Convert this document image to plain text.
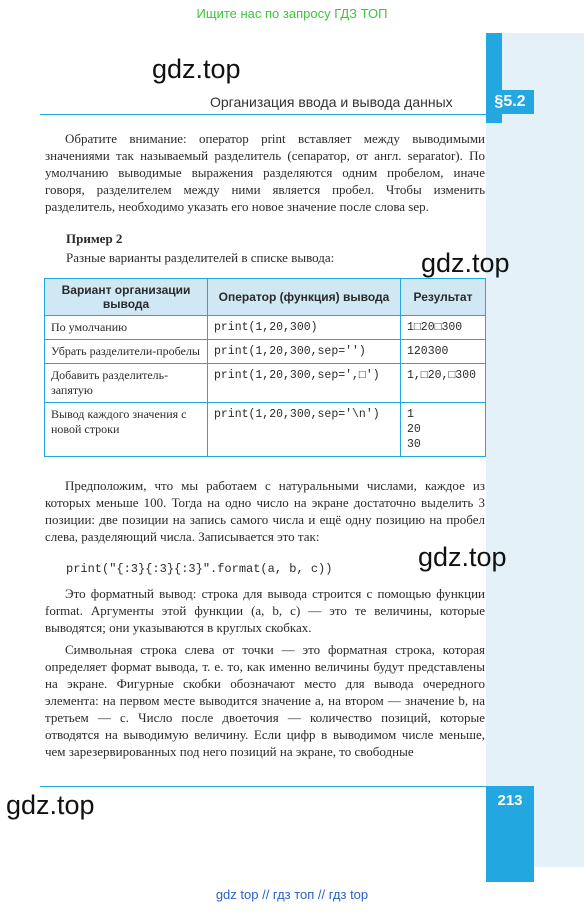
§5.2
213
Ищите нас по запросу ГДЗ ТОП
gdz.top
gdz.top
gdz.top
gdz.top
Организация ввода и вывода данных
Обратите внимание: оператор print вставляет между выводимыми значениями так называемый разделитель (сепаратор, от англ. separator). По умолчанию выводимые выражения разделяются одним пробелом, иначе говоря, разделителем между ними является пробел. Чтобы изменить разделитель, необходимо указать его новое значение после слова sep.
Пример 2
Разные варианты разделителей в списке вывода:
Вариант организации вывода	Оператор (функция) вывода	Результат
По умолчанию	print(1,20,300)	1□20□300
Убрать разделители-пробелы	print(1,20,300,sep='')	120300
Добавить разделитель-запятую	print(1,20,300,sep=',□')	1,□20,□300
Вывод каждого значения с новой строки	print(1,20,300,sep='\n')	1
20
30
Предположим, что мы работаем с натуральными числами, каждое из которых меньше 100. Тогда на одно число на экране достаточно выделить 3 позиции: две позиции на запись самого числа и ещё одну позицию на пробел слева, разделяющий числа. Записывается это так:
print("{:3}{:3}{:3}".format(a, b, c))
Это форматный вывод: строка для вывода строится с помощью функции format. Аргументы этой функции (a, b, c) — это те величины, которые выводятся; они указываются в круглых скобках.
Символьная строка слева от точки — это форматная строка, которая определяет формат вывода, т. е. то, как именно величины будут представлены на экране. Фигурные скобки обозначают место для вывода очередного элемента: на первом месте выводится значение a, на втором — значение b, на третьем — c. Число после двоеточия — количество позиций, которые отводятся на выводимую величину. Если цифр в выводимом числе меньше, чем зарезервированных под него позиций на экране, то свободные
gdz top // гдз топ // гдз top
